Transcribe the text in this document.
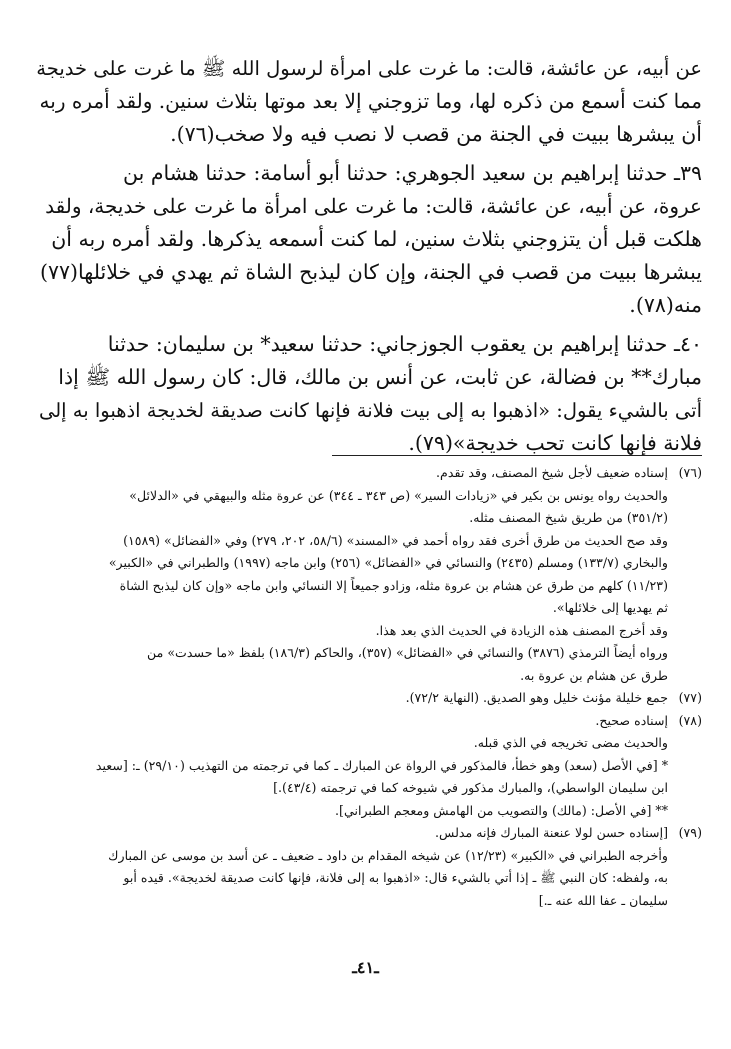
عن أبيه، عن عائشة، قالت: ما غرت على امرأة لرسول الله ﷺ ما غرت على خديجة
مما كنت أسمع من ذكره لها، وما تزوجني إلا بعد موتها بثلاث سنين. ولقد أمره ربه
أن يبشرها ببيت في الجنة من قصب لا نصب فيه ولا صخب(٧٦).

٣٩ـ حدثنا إبراهيم بن سعيد الجوهري: حدثنا أبو أسامة: حدثنا هشام بن
عروة، عن أبيه، عن عائشة، قالت: ما غرت على امرأة ما غرت على خديجة، ولقد
هلكت قبل أن يتزوجني بثلاث سنين، لما كنت أسمعه يذكرها. ولقد أمره ربه أن
يبشرها ببيت من قصب في الجنة، وإن كان ليذبح الشاة ثم يهدي في خلائلها(٧٧)
منه(٧٨).

٤٠ـ حدثنا إبراهيم بن يعقوب الجوزجاني: حدثنا سعيد* بن سليمان: حدثنا
مبارك** بن فضالة، عن ثابت، عن أنس بن مالك، قال: كان رسول الله ﷺ إذا
أتى بالشيء يقول: «اذهبوا به إلى بيت فلانة فإنها كانت صديقة لخديجة اذهبوا به إلى
فلانة فإنها كانت تحب خديجة»(٧٩).

(٧٦)
إسناده ضعيف لأجل شيخ المصنف، وقد تقدم.
والحديث رواه يونس بن بكير في «زيادات السير» (ص ٣٤٣ ـ ٣٤٤) عن عروة مثله والبيهقي في «الدلائل»
(٣٥١/٢) من طريق شيخ المصنف مثله.
وقد صح الحديث من طرق أخرى فقد رواه أحمد في «المسند» (٥٨/٦، ٢٠٢، ٢٧٩) وفي «الفضائل» (١٥٨٩)
والبخاري (١٣٣/٧) ومسلم (٢٤٣٥) والنسائي في «الفضائل» (٢٥٦) وابن ماجه (١٩٩٧) والطبراني في «الكبير»
(١١/٢٣) كلهم من طرق عن هشام بن عروة مثله، وزادو جميعاً إلا النسائي وابن ماجه «وإن كان ليذبح الشاة
ثم يهديها إلى خلائلها».
وقد أخرج المصنف هذه الزيادة في الحديث الذي بعد هذا.
ورواه أيضاً الترمذي (٣٨٧٦) والنسائي في «الفضائل» (٣٥٧)، والحاكم (١٨٦/٣) بلفظ «ما حسدت» من
طرق عن هشام بن عروة به.
(٧٧)
جمع خليلة مؤنث خليل وهو الصديق. (النهاية ٧٢/٢).
(٧٨)
إسناده صحيح.
والحديث مضى تخريجه في الذي قبله.
* [في الأصل (سعد) وهو خطأ، فالمذكور في الرواة عن المبارك ـ كما في ترجمته من التهذيب (٢٩/١٠) ـ: [سعيد
ابن سليمان الواسطي)، والمبارك مذكور في شيوخه كما في ترجمته (٤٣/٤).]
** [في الأصل: (مالك) والتصويب من الهامش ومعجم الطبراني].
(٧٩)
[إسناده حسن لولا عنعنة المبارك فإنه مدلس.
وأخرجه الطبراني في «الكبير» (١٢/٢٣) عن شيخه المقدام بن داود ـ ضعيف ـ عن أسد بن موسى عن المبارك
به، ولفظه: كان النبي ﷺ ـ إذا أتي بالشيء قال: «اذهبوا به إلى فلانة، فإنها كانت صديقة لخديجة». قيده أبو
سليمان ـ عفا الله عنه ـ.]
ـ٤١ـ
